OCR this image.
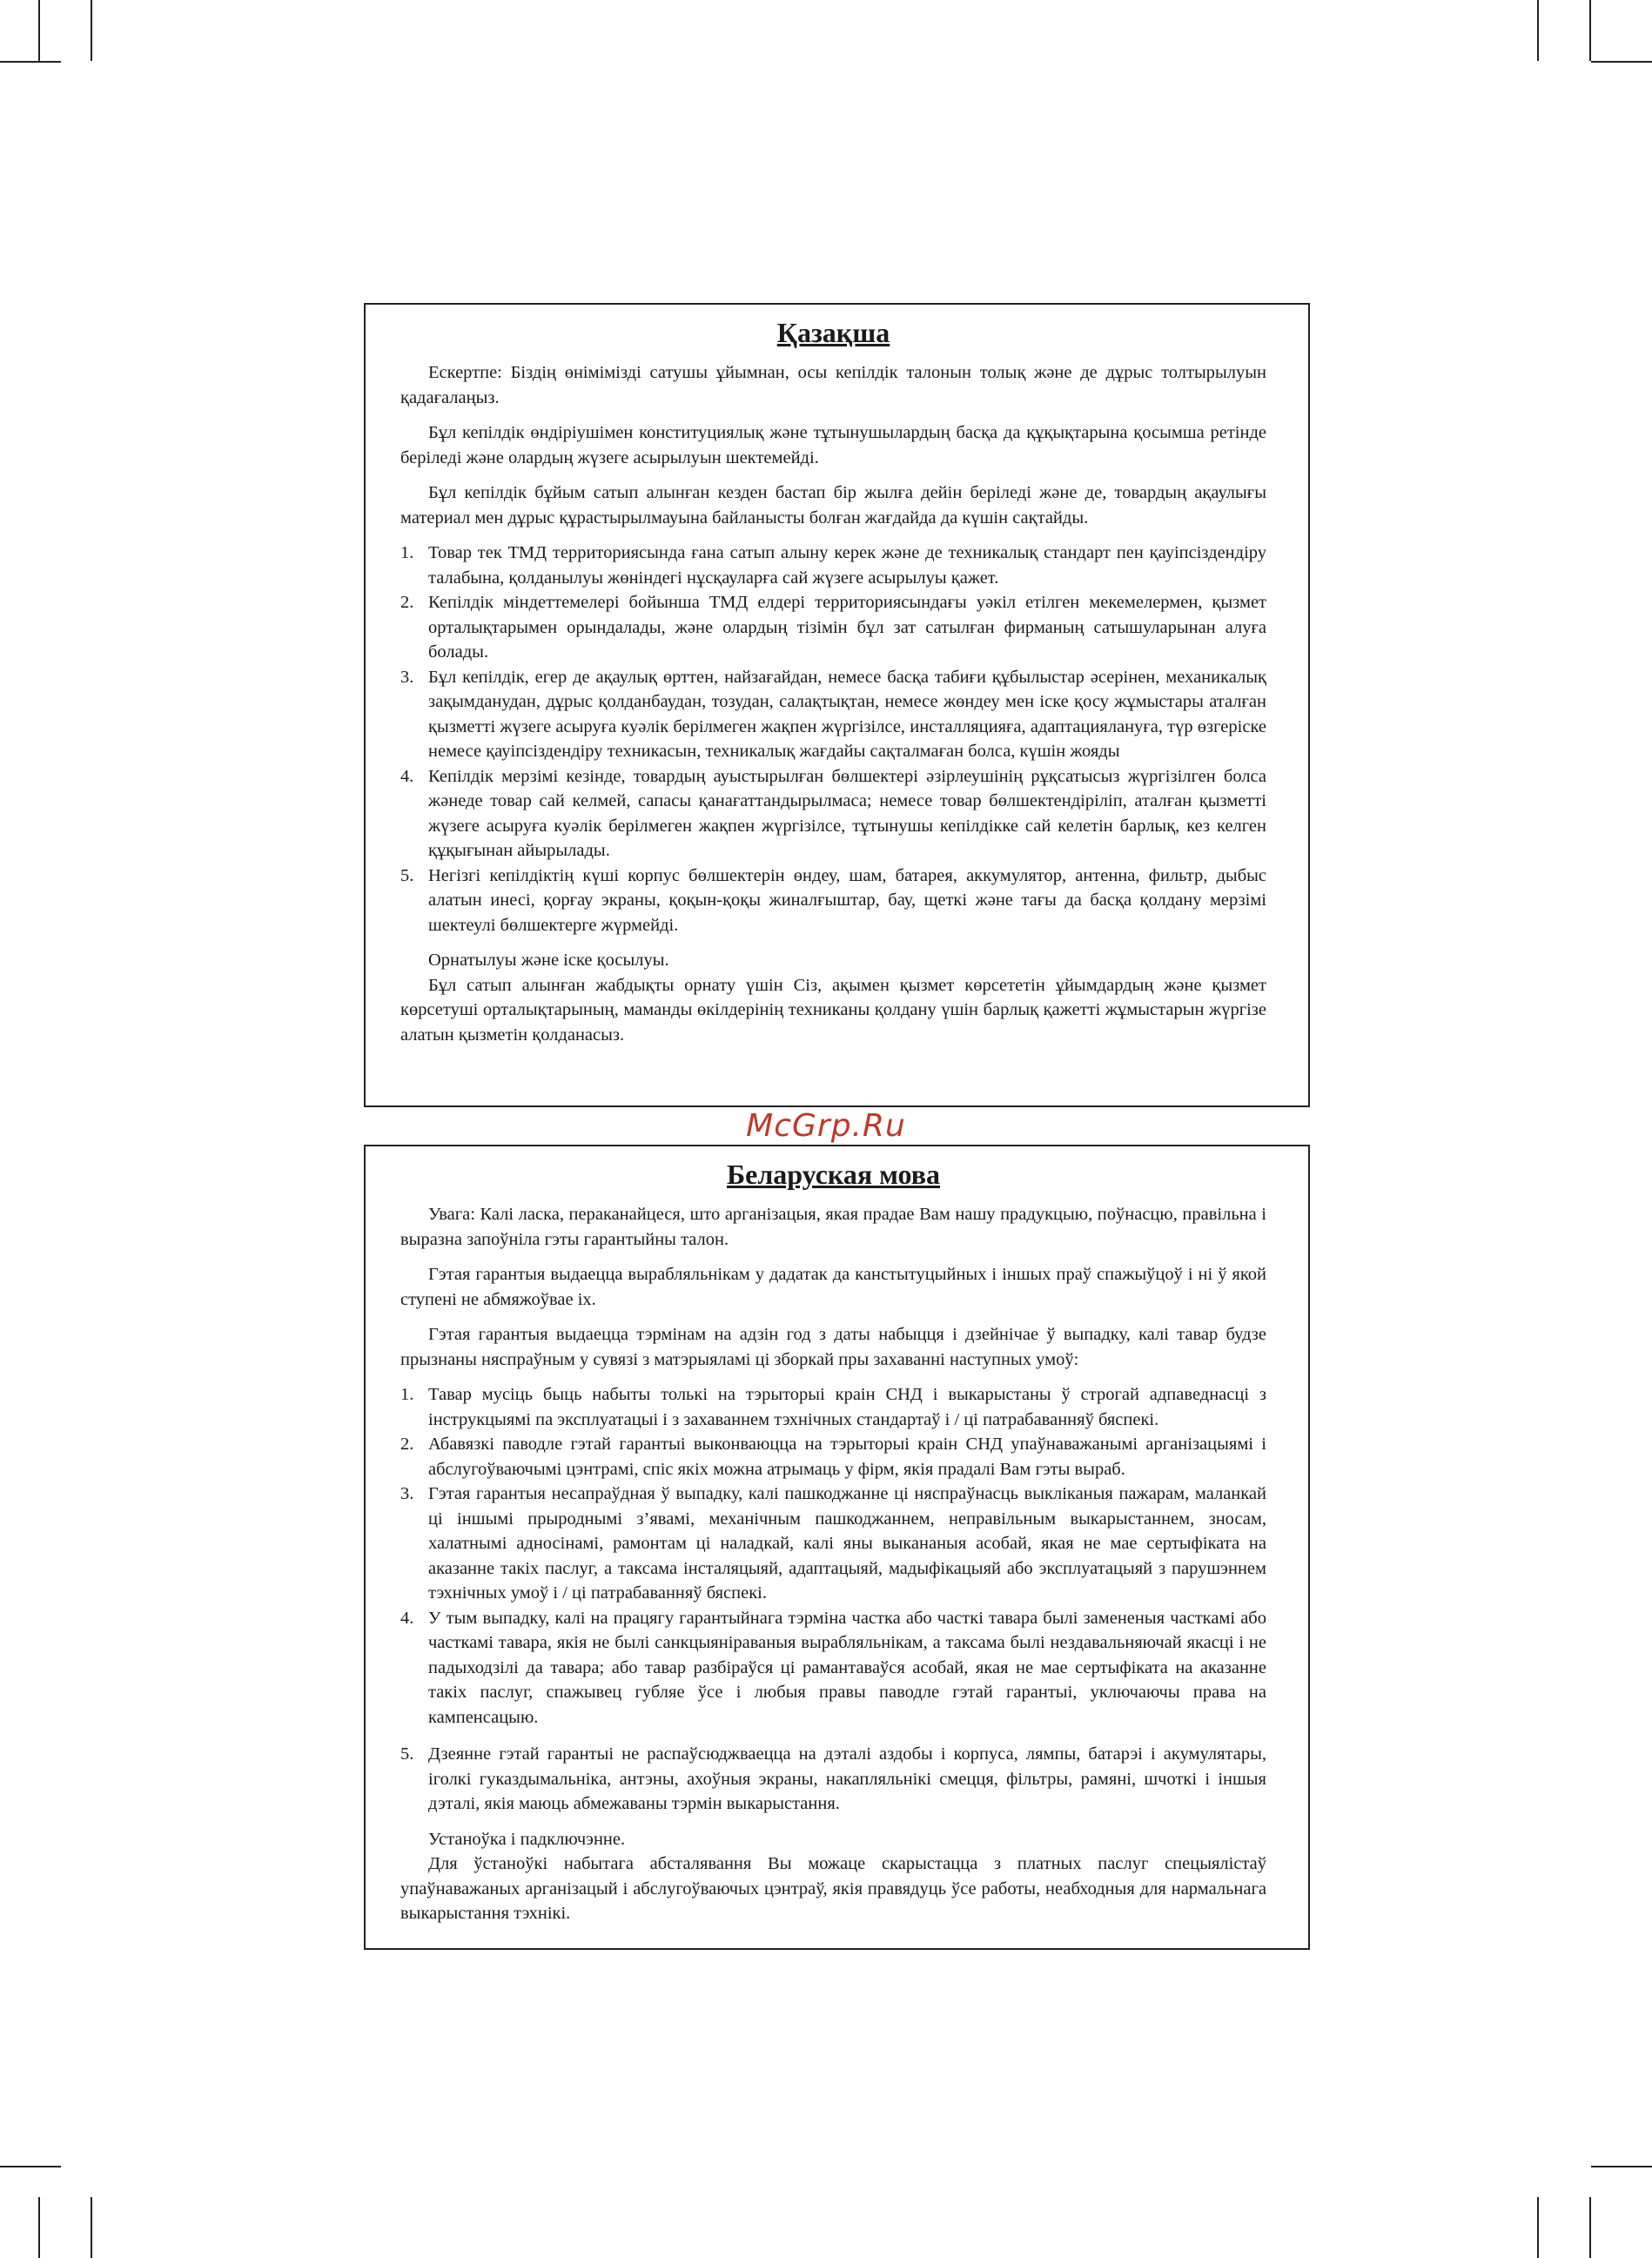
Қазақша

Ескертпе: Біздің өнімімізді сатушы ұйымнан, осы кепілдік талонын толық және де дұрыс толтырылуын қадағалаңыз.

Бұл кепілдік өндіріушімен конституциялық және тұтынушылардың басқа да құқықтарына қосымша ретінде беріледі және олардың жүзеге асырылуын шектемейді.

Бұл кепілдік бұйым сатып алынған кезден бастап бір жылға дейін беріледі және де, товардың ақаулығы материал мен дұрыс құрастырылмауына байланысты болған жағдайда да күшін сақтайды.

1. Товар тек ТМД территориясында ғана сатып алыну керек және де техникалық стандарт пен қауіпсіздендіру талабына, қолданылуы жөніндегі нұсқауларға сай жүзеге асырылуы қажет.
2. Кепілдік міндеттемелері бойынша ТМД елдері территориясындағы уәкіл етілген мекемелермен, қызмет орталықтарымен орындалады, және олардың тізімін бұл зат сатылған фирманың сатышуларынан алуға болады.
3. Бұл кепілдік, егер де ақаулық өрттен, найзағайдан, немесе басқа табиғи құбылыстар әсерінен, механикалық зақымданудан, дұрыс қолданбаудан, тозудан, салақтықтан, немесе жөндеу мен іске қосу жұмыстары аталған қызметті жүзеге асыруға куәлік берілмеген жақпен жүргізілсе, инсталляцияға, адаптациялануға, түр өзгеріске немесе қауіпсіздендіру техникасын, техникалық жағдайы сақталмаған болса, күшін жояды
4. Кепілдік мерзімі кезінде, товардың ауыстырылған бөлшектері әзірлеушінің рұқсатысыз жүргізілген болса жәнеде товар сай келмей, сапасы қанағаттандырылмаса; немесе товар бөлшектендіріліп, аталған қызметті жүзеге асыруға куәлік берілмеген жақпен жүргізілсе, тұтынушы кепілдікке сай келетін барлық, кез келген құқығынан айырылады.
5. Негізгі кепілдіктің күші корпус бөлшектерін өндеу, шам, батарея, аккумулятор, антенна, фильтр, дыбыс алатын инесі, қорғау экраны, қоқын-қоқы жиналғыштар, бау, щеткі және тағы да басқа қолдану мерзімі шектеулі бөлшектерге жүрмейді.

Орнатылуы және іске қосылуы.

Бұл сатып алынған жабдықты орнату үшін Сіз, ақымен қызмет көрсететін ұйымдардың және қызмет көрсетуші орталықтарының, маманды өкілдерінің техниканы қолдану үшін барлық қажетті жұмыстарын жүргізе алатын қызметін қолданасыз.

McGrp.Ru
Беларуская мова

Увага: Калі ласка, пераканайцеся, што арганізацыя, якая прадае Вам нашу прадукцыю, поўнасцю, правільна і выразна запоўніла гэты гарантыйны талон.

Гэтая гарантыя выдаецца вырабляльнікам у дадатак да канстытуцыйных і іншых праў спажыўцоў і ні ў якой ступені не абмяжоўвае іх.

Гэтая гарантыя выдаецца тэрмінам на адзін год з даты набыцця і дзейнічае ў выпадку, калі тавар будзе прызнаны няспраўным у сувязі з матэрыяламі ці зборкай пры захаванні наступных умоў:

1. Тавар мусіць быць набыты толькі на тэрыторыі краін СНД і выкарыстаны ў строгай адпаведнасці з інструкцыямі па эксплуатацыі і з захаваннем тэхнічных стандартаў і / ці патрабаванняў бяспекі.
2. Абавязкі паводле гэтай гарантыі выконваюцца на тэрыторыі краін СНД упаўнаважанымі арганізацыямі і абслугоўваючымі цэнтрамі, спіс якіх можна атрымаць у фірм, якія прадалі Вам гэты выраб.
3. Гэтая гарантыя несапраўдная ў выпадку, калі пашкоджанне ці няспраўнасць выкліканыя пажарам, маланкай ці іншымі прыроднымі з’явамі, механічным пашкоджаннем, неправільным выкарыстаннем, зносам, халатнымі адносінамі, рамонтам ці наладкай, калі яны выкананыя асобай, якая не мае сертыфіката на аказанне такіх паслуг, а таксама інсталяцыяй, адаптацыяй, мадыфікацыяй або эксплуатацыяй з парушэннем тэхнічных умоў і / ці патрабаванняў бяспекі.
4. У тым выпадку, калі на працягу гарантыйнага тэрміна частка або часткі тавара былі замененыя часткамі або часткамі тавара, якія не былі санкцыянiраваныя вырабляльнікам, а таксама былі нездавальняючай якасці і не падыходзілі да тавара; або тавар разбіраўся ці рамантаваўся асобай, якая не мае сертыфіката на аказанне такіх паслуг, спажывец губляе ўсе і любыя правы паводле гэтай гарантыі, уключаючы права на кампенсацыю.
5. Дзеянне гэтай гарантыі не распаўсюджваецца на дэталі аздобы і корпуса, лямпы, батарэі і акумулятары, іголкі гуказдымальніка, антэны, ахоўныя экраны, накапляльнікі смецця, фільтры, рамяні, шчоткі і іншыя дэталі, якія маюць абмежаваны тэрмін выкарыстання.

Устаноўка і падключэнне.

Для ўстаноўкі набытага абсталявання Вы можаце скарыстацца з платных паслуг спецыялістаў упаўнаважаных арганізацый і абслугоўваючых цэнтраў, якія правядуць ўсе работы, неабходныя для нармальнага выкарыстання тэхнікі.
